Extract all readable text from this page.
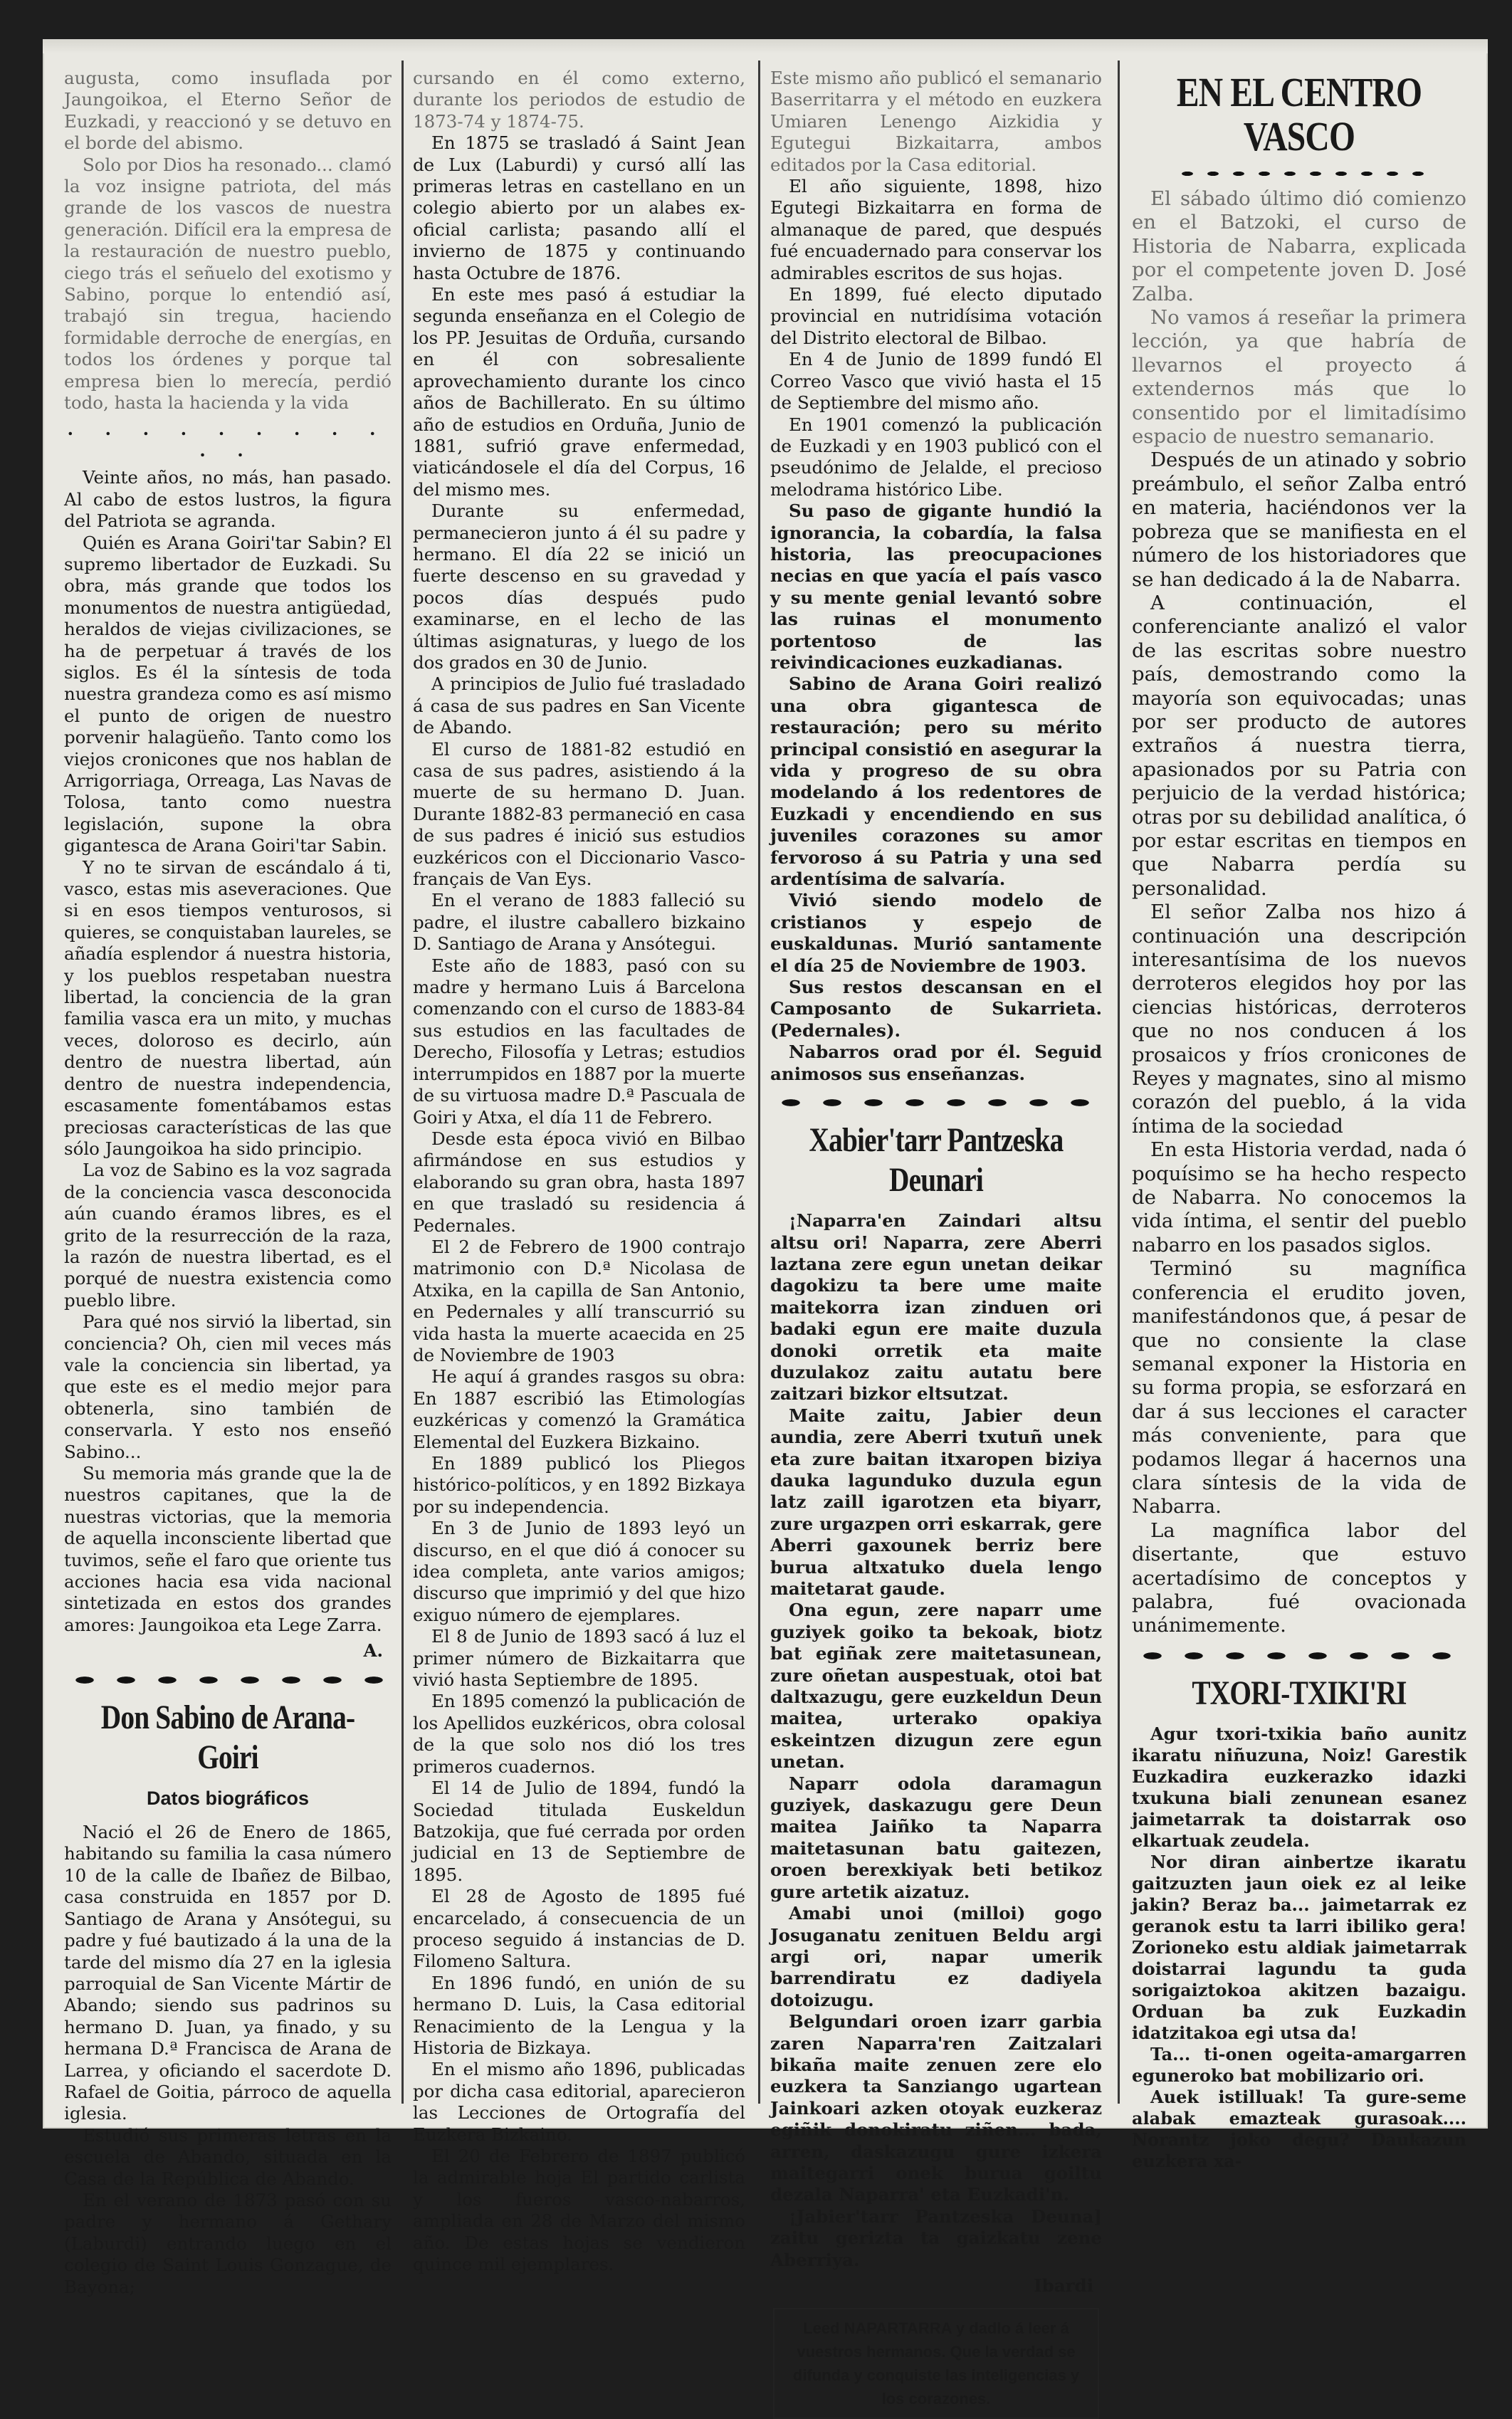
augusta, como insuflada por Jaungoikoa, el Eterno Señor de Euzkadi, y reaccionó y se detuvo en el borde del abismo.

Solo por Dios ha resonado... clamó la voz insigne patriota, del más grande de los vascos de nuestra generación. Difícil era la empresa de la restauración de nuestro pueblo, ciego trás el señuelo del exotismo y Sabino, porque lo entendió así, trabajó sin tregua, haciendo formidable derroche de energías, en todos los órdenes y porque tal empresa bien lo merecía, perdió todo, hasta la hacienda y la vida

. . . . . . . . . . .

Veinte años, no más, han pasado. Al cabo de estos lustros, la figura del Patriota se agranda.

Quién es Arana Goiri'tar Sabin? El supremo libertador de Euzkadi. Su obra, más grande que todos los monumentos de nuestra antigüedad, heraldos de viejas civilizaciones, se ha de perpetuar á través de los siglos. Es él la síntesis de toda nuestra grandeza como es así mismo el punto de origen de nuestro porvenir halagüeño. Tanto como los viejos cronicones que nos hablan de Arrigorriaga, Orreaga, Las Navas de Tolosa, tanto como nuestra legislación, supone la obra gigantesca de Arana Goiri'tar Sabin.

Y no te sirvan de escándalo á ti, vasco, estas mis aseveraciones. Que si en esos tiempos venturosos, si quieres, se conquistaban laureles, se añadía esplendor á nuestra historia, y los pueblos respetaban nuestra libertad, la conciencia de la gran familia vasca era un mito, y muchas veces, doloroso es decirlo, aún dentro de nuestra libertad, aún dentro de nuestra independencia, escasamente fomentábamos estas preciosas características de las que sólo Jaungoikoa ha sido principio.

La voz de Sabino es la voz sagrada de la conciencia vasca desconocida aún cuando éramos libres, es el grito de la resurrección de la raza, la razón de nuestra libertad, es el porqué de nuestra existencia como pueblo libre.

Para qué nos sirvió la libertad, sin conciencia? Oh, cien mil veces más vale la conciencia sin libertad, ya que este es el medio mejor para obtenerla, sino también de conservarla. Y esto nos enseñó Sabino...

Su memoria más grande que la de nuestros capitanes, que la de nuestras victorias, que la memoria de aquella inconsciente libertad que tuvimos, señe el faro que oriente tus acciones hacia esa vida nacional sintetizada en estos dos grandes amores: Jaungoikoa eta Lege Zarra.

A.
Don Sabino de Arana-Goiri
Datos biográficos

Nació el 26 de Enero de 1865, habitando su familia la casa número 10 de la calle de Ibañez de Bilbao, casa construida en 1857 por D. Santiago de Arana y Ansótegui, su padre y fué bautizado á la una de la tarde del mismo día 27 en la iglesia parroquial de San Vicente Mártir de Abando; siendo sus padrinos su hermano D. Juan, ya finado, y su hermana D.ª Francisca de Arana de Larrea, y oficiando el sacerdote D. Rafael de Goitia, párroco de aquella iglesia.

Estudió sus primeras letras en la escuela de Abando, situada en la Casa de la República de Abando.

En el verano de 1873 pasó con su padre y hermano á Gethary (Laburdi) entrando luego en el colegio de Saint Louis Gonzague, de Bayona;

cursando en él como externo, durante los periodos de estudio de 1873-74 y 1874-75.

En 1875 se trasladó á Saint Jean de Lux (Laburdi) y cursó allí las primeras letras en castellano en un colegio abierto por un alabes ex-oficial carlista; pasando allí el invierno de 1875 y continuando hasta Octubre de 1876.

En este mes pasó á estudiar la segunda enseñanza en el Colegio de los PP. Jesuitas de Orduña, cursando en él con sobresaliente aprovechamiento durante los cinco años de Bachillerato. En su último año de estudios en Orduña, Junio de 1881, sufrió grave enfermedad, viaticándosele el día del Corpus, 16 del mismo mes.

Durante su enfermedad, permanecieron junto á él su padre y hermano. El día 22 se inició un fuerte descenso en su gravedad y pocos días después pudo examinarse, en el lecho de las últimas asignaturas, y luego de los dos grados en 30 de Junio.

A principios de Julio fué trasladado á casa de sus padres en San Vicente de Abando.

El curso de 1881-82 estudió en casa de sus padres, asistiendo á la muerte de su hermano D. Juan. Durante 1882-83 permaneció en casa de sus padres é inició sus estudios euzkéricos con el Diccionario Vasco-français de Van Eys.

En el verano de 1883 falleció su padre, el ilustre caballero bizkaino D. Santiago de Arana y Ansótegui.

Este año de 1883, pasó con su madre y hermano Luis á Barcelona comenzando con el curso de 1883-84 sus estudios en las facultades de Derecho, Filosofía y Letras; estudios interrumpidos en 1887 por la muerte de su virtuosa madre D.ª Pascuala de Goiri y Atxa, el día 11 de Febrero.

Desde esta época vivió en Bilbao afirmándose en sus estudios y elaborando su gran obra, hasta 1897 en que trasladó su residencia á Pedernales.

El 2 de Febrero de 1900 contrajo matrimonio con D.ª Nicolasa de Atxika, en la capilla de San Antonio, en Pedernales y allí transcurrió su vida hasta la muerte acaecida en 25 de Noviembre de 1903

He aquí á grandes rasgos su obra: En 1887 escribió las Etimologías euzkéricas y comenzó la Gramática Elemental del Euzkera Bizkaino.

En 1889 publicó los Pliegos histórico-políticos, y en 1892 Bizkaya por su independencia.

En 3 de Junio de 1893 leyó un discurso, en el que dió á conocer su idea completa, ante varios amigos; discurso que imprimió y del que hizo exiguo número de ejemplares.

El 8 de Junio de 1893 sacó á luz el primer número de Bizkaitarra que vivió hasta Septiembre de 1895.

En 1895 comenzó la publicación de los Apellidos euzkéricos, obra colosal de la que solo nos dió los tres primeros cuadernos.

El 14 de Julio de 1894, fundó la Sociedad titulada Euskeldun Batzokija, que fué cerrada por orden judicial en 13 de Septiembre de 1895.

El 28 de Agosto de 1895 fué encarcelado, á consecuencia de un proceso seguido á instancias de D. Filomeno Saltura.

En 1896 fundó, en unión de su hermano D. Luis, la Casa editorial Renacimiento de la Lengua y la Historia de Bizkaya.

En el mismo año 1896, publicadas por dicha casa editorial, aparecieron las Lecciones de Ortografía del Euzkera Bizkaino.

El 20 de Febrero de 1897 publicó la admirable hoja El partido carlista y los fueros vasco-nabarros, ampliada en 28 de Marzo del mismo año. De estas hojas se vendieron quince mil ejemplares.

Este mismo año publicó el semanario Baserritarra y el método en euzkera Umiaren Lenengo Aizkidia y Egutegui Bizkaitarra, ambos editados por la Casa editorial.

El año siguiente, 1898, hizo Egutegi Bizkaitarra en forma de almanaque de pared, que después fué encuadernado para conservar los admirables escritos de sus hojas.

En 1899, fué electo diputado provincial en nutridísima votación del Distrito electoral de Bilbao.

En 4 de Junio de 1899 fundó El Correo Vasco que vivió hasta el 15 de Septiembre del mismo año.

En 1901 comenzó la publicación de Euzkadi y en 1903 publicó con el pseudónimo de Jelalde, el precioso melodrama histórico Libe.

Su paso de gigante hundió la ignorancia, la cobardía, la falsa historia, las preocupaciones necias en que yacía el país vasco y su mente genial levantó sobre las ruinas el monumento portentoso de las reivindicaciones euzkadianas.

Sabino de Arana Goiri realizó una obra gigantesca de restauración; pero su mérito principal consistió en asegurar la vida y progreso de su obra modelando á los redentores de Euzkadi y encendiendo en sus juveniles corazones su amor fervoroso á su Patria y una sed ardentísima de salvaría.

Vivió siendo modelo de cristianos y espejo de euskaldunas. Murió santamente el día 25 de Noviembre de 1903.

Sus restos descansan en el Camposanto de Sukarrieta. (Pedernales).

Nabarros orad por él. Seguid animosos sus enseñanzas.

Xabier'tarr Pantzeska Deunari

¡Naparra'en Zaindari altsu altsu ori! Naparra, zere Aberri laztana zere egun unetan deikar dagokizu ta bere ume maite maitekorra izan zinduen ori badaki egun ere maite duzula donoki orretik eta maite duzulakoz zaitu autatu bere zaitzari bizkor eltsutzat.

Maite zaitu, Jabier deun aundia, zere Aberri txutuñ unek eta zure baitan itxaropen biziya dauka lagunduko duzula egun latz zaill igarotzen eta biyarr, zure urgazpen orri eskarrak, gere Aberri gaxounek berriz bere burua altxatuko duela lengo maitetarat gaude.

Ona egun, zere naparr ume guziyek goiko ta bekoak, biotz bat egiñak zere maitetasunean, zure oñetan auspestuak, otoi bat daltxazugu, gere euzkeldun Deun maitea, urterako opakiya eskeintzen dizugun zere egun unetan.

Naparr odola daramagun guziyek, daskazugu gere Deun maitea Jaiñko ta Naparra maitetasunan batu gaitezen, oroen berexkiyak beti betikoz gure artetik aizatuz.

Amabi unoi (milloi) gogo Josuganatu zenituen Beldu argi argi ori, napar umerik barrendiratu ez dadiyela dotoizugu.

Belgundari oroen izarr garbia zaren Naparra'ren Zaitzalari bikaña maite zenuen zere elo euzkera ta Sanziango ugartean Jainkoari azken otoyak euzkeraz egiñik donokiratu ziñen... bada, arren, daskazugu gure izkera maitegarri onek burua goiltu dezala Naparra' eta Euzkadi'n.

¡Jabier'tarr Pantzeska Deuna] zaitu gerizta ta gaizkatu zene Aberriya.

Ibardi
Leed NAPARTARRA y dadlo á leer á vuestros hermanos. Que la verdad se difunda y conquiste las inteligencias y los corazones.
EN EL CENTRO VASCO

El sábado último dió comienzo en el Batzoki, el curso de Historia de Nabarra, explicada por el competente joven D. José Zalba.

No vamos á reseñar la primera lección, ya que habría de llevarnos el proyecto á extendernos más que lo consentido por el limitadísimo espacio de nuestro semanario.

Después de un atinado y sobrio preámbulo, el señor Zalba entró en materia, haciéndonos ver la pobreza que se manifiesta en el número de los historiadores que se han dedicado á la de Nabarra.

A continuación, el conferenciante analizó el valor de las escritas sobre nuestro país, demostrando como la mayoría son equivocadas; unas por ser producto de autores extraños á nuestra tierra, apasionados por su Patria con perjuicio de la verdad histórica; otras por su debilidad analítica, ó por estar escritas en tiempos en que Nabarra perdía su personalidad.

El señor Zalba nos hizo á continuación una descripción interesantísima de los nuevos derroteros elegidos hoy por las ciencias históricas, derroteros que no nos conducen á los prosaicos y fríos cronicones de Reyes y magnates, sino al mismo corazón del pueblo, á la vida íntima de la sociedad

En esta Historia verdad, nada ó poquísimo se ha hecho respecto de Nabarra. No conocemos la vida íntima, el sentir del pueblo nabarro en los pasados siglos.

Terminó su magnífica conferencia el erudito joven, manifestándonos que, á pesar de que no consiente la clase semanal exponer la Historia en su forma propia, se esforzará en dar á sus lecciones el caracter más conveniente, para que podamos llegar á hacernos una clara síntesis de la vida de Nabarra.

La magnífica labor del disertante, que estuvo acertadísimo de conceptos y palabra, fué ovacionada unánimemente.

TXORI-TXIKI'RI

Agur txori-txikia baño aunitz ikaratu niñuzuna, Noiz! Garestik Euzkadira euzkerazko idazki txukuna biali zenunean esanez jaimetarrak ta doistarrak oso elkartuak zeudela.

Nor diran ainbertze ikaratu gaitzuzten jaun oiek ez al leike jakin? Beraz ba... jaimetarrak ez geranok estu ta larri ibiliko gera! Zorioneko estu aldiak jaimetarrak doistarrai lagundu ta guda sorigaiztokoa akitzen bazaigu. Orduan ba zuk Euzkadin idatzitakoa egi utsa da!

Ta... ti-onen ogeita-amargarren eguneroko bat mobilizario ori.

Auek istilluak! Ta gure-seme alabak emazteak gurasoak.... Norantz joko degu? Daukazun euzkera xa-
